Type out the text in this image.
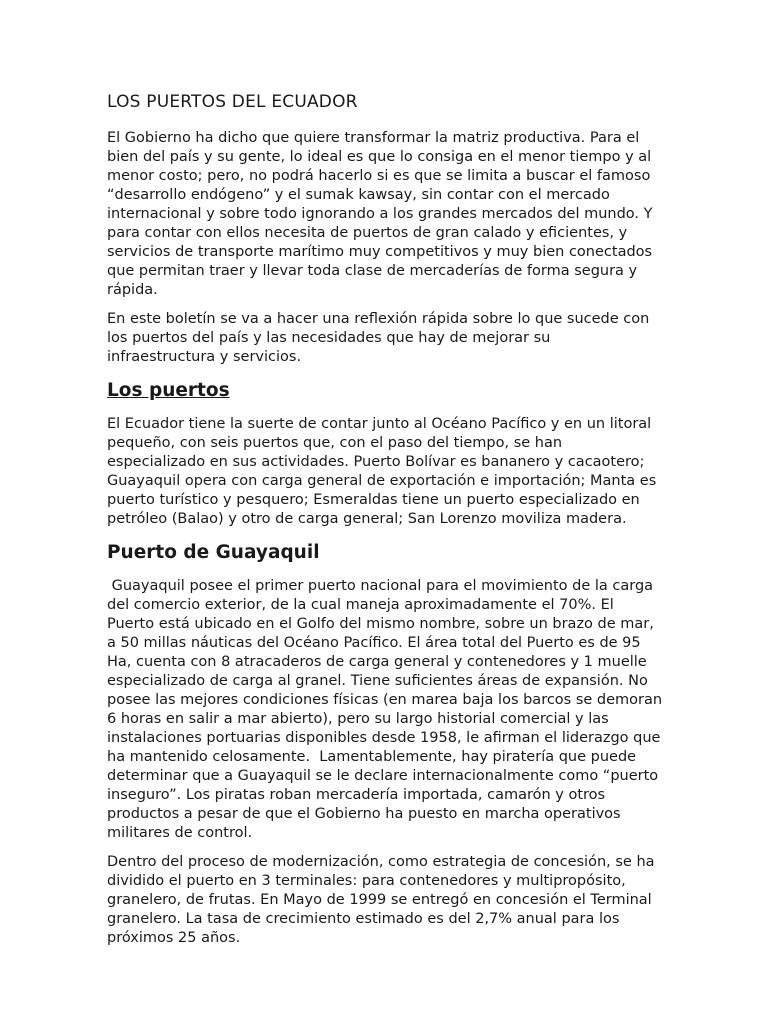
LOS PUERTOS DEL ECUADOR

El Gobierno ha dicho que quiere transformar la matriz productiva. Para el bien del país y su gente, lo ideal es que lo consiga en el menor tiempo y al menor costo; pero, no podrá hacerlo si es que se limita a buscar el famoso “desarrollo endógeno” y el sumak kawsay, sin contar con el mercado internacional y sobre todo ignorando a los grandes mercados del mundo. Y para contar con ellos necesita de puertos de gran calado y eficientes, y servicios de transporte marítimo muy competitivos y muy bien conectados que permitan traer y llevar toda clase de mercaderías de forma segura y rápida.

En este boletín se va a hacer una reflexión rápida sobre lo que sucede con los puertos del país y las necesidades que hay de mejorar su infraestructura y servicios.

Los puertos

El Ecuador tiene la suerte de contar junto al Océano Pacífico y en un litoral pequeño, con seis puertos que, con el paso del tiempo, se han especializado en sus actividades. Puerto Bolívar es bananero y cacaotero; Guayaquil opera con carga general de exportación e importación; Manta es puerto turístico y pesquero; Esmeraldas tiene un puerto especializado en petróleo (Balao) y otro de carga general; San Lorenzo moviliza madera.

Puerto de Guayaquil

Guayaquil posee el primer puerto nacional para el movimiento de la carga del comercio exterior, de la cual maneja aproximadamente el 70%. El Puerto está ubicado en el Golfo del mismo nombre, sobre un brazo de mar, a 50 millas náuticas del Océano Pacífico. El área total del Puerto es de 95 Ha, cuenta con 8 atracaderos de carga general y contenedores y 1 muelle especializado de carga al granel. Tiene suficientes áreas de expansión. No posee las mejores condiciones físicas (en marea baja los barcos se demoran 6 horas en salir a mar abierto), pero su largo historial comercial y las instalaciones portuarias disponibles desde 1958, le afirman el liderazgo que ha mantenido celosamente.  Lamentablemente, hay piratería que puede determinar que a Guayaquil se le declare internacionalmente como “puerto inseguro”. Los piratas roban mercadería importada, camarón y otros productos a pesar de que el Gobierno ha puesto en marcha operativos militares de control.

Dentro del proceso de modernización, como estrategia de concesión, se ha dividido el puerto en 3 terminales: para contenedores y multipropósito, granelero, de frutas. En Mayo de 1999 se entregó en concesión el Terminal granelero. La tasa de crecimiento estimado es del 2,7% anual para los próximos 25 años.
